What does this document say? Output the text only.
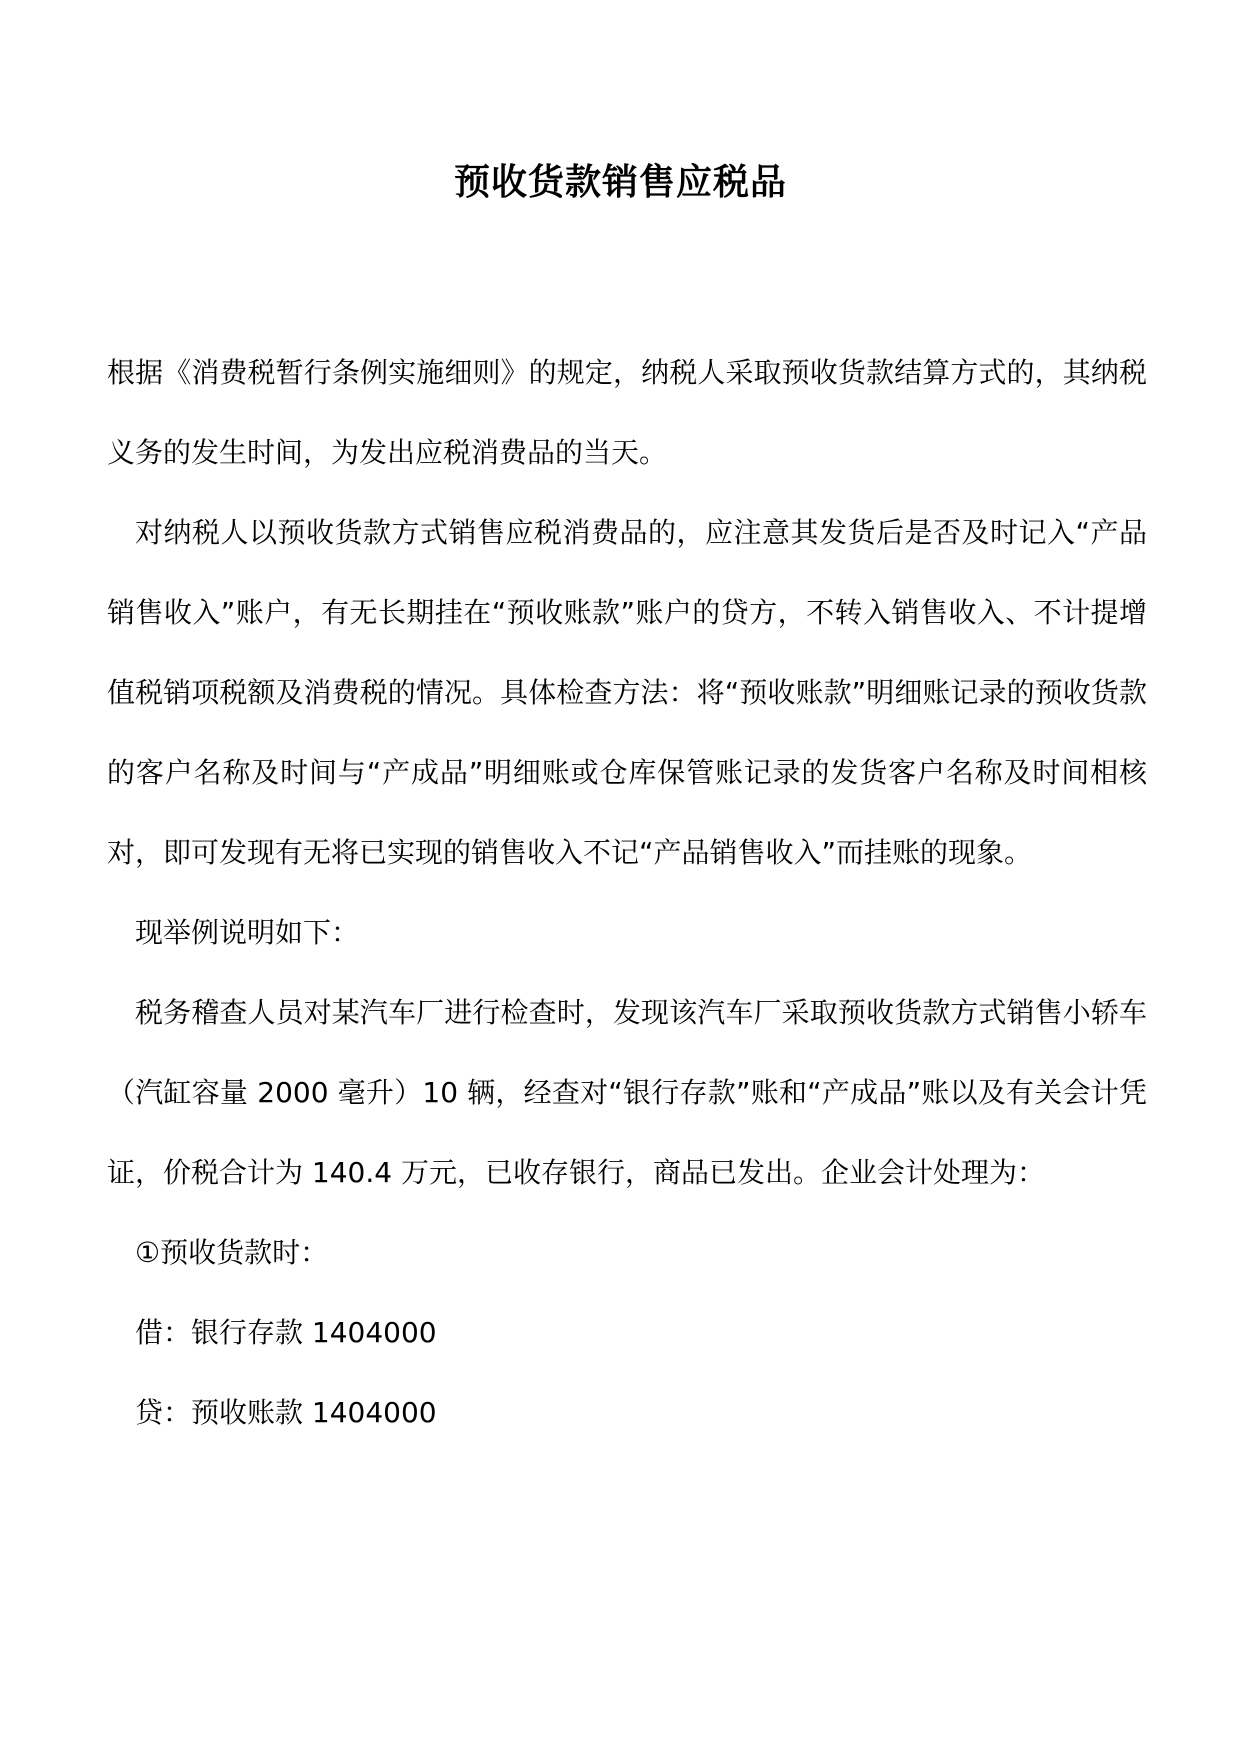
预收货款销售应税品

根据《消费税暂行条例实施细则》的规定，纳税人采取预收货款结算方式的，其纳税义务的发生时间，为发出应税消费品的当天。

对纳税人以预收货款方式销售应税消费品的，应注意其发货后是否及时记入“产品销售收入”账户，有无长期挂在“预收账款”账户的贷方，不转入销售收入、不计提增值税销项税额及消费税的情况。具体检查方法：将“预收账款”明细账记录的预收货款的客户名称及时间与“产成品”明细账或仓库保管账记录的发货客户名称及时间相核对，即可发现有无将已实现的销售收入不记“产品销售收入”而挂账的现象。

现举例说明如下：

税务稽查人员对某汽车厂进行检查时，发现该汽车厂采取预收货款方式销售小轿车（汽缸容量 2000 毫升）10 辆，经查对“银行存款”账和“产成品”账以及有关会计凭证，价税合计为 140.4 万元，已收存银行，商品已发出。企业会计处理为：

①预收货款时：

借：银行存款 1404000

贷：预收账款 1404000
